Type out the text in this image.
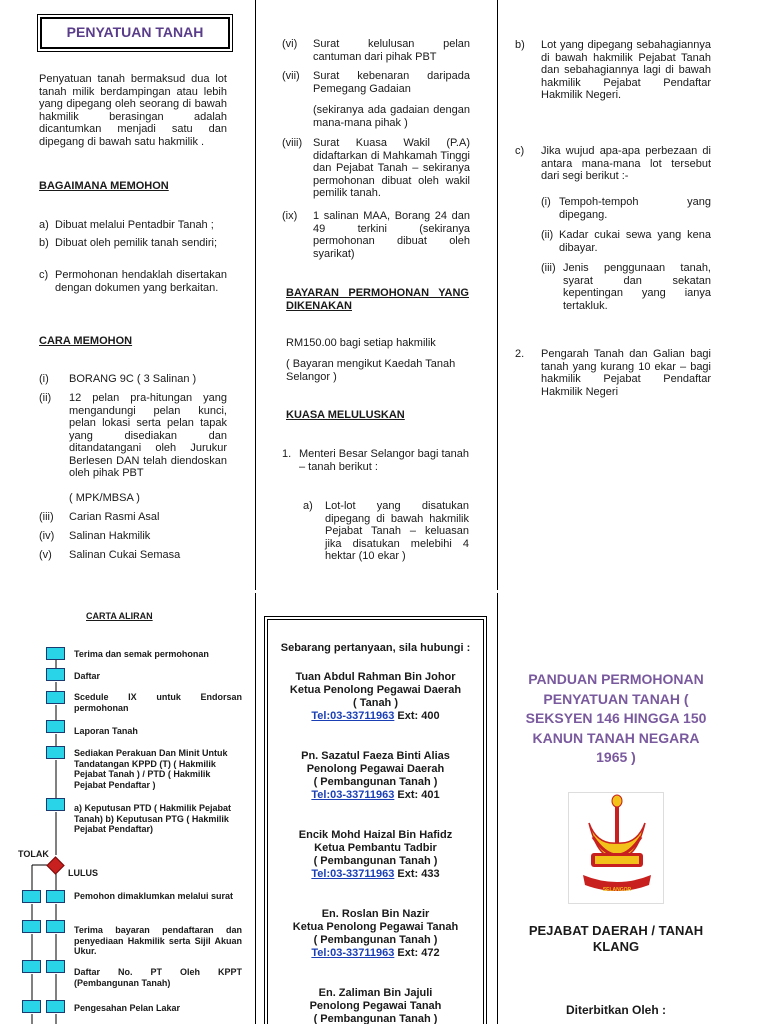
PENYATUAN TANAH
Penyatuan tanah bermaksud dua lot tanah milik berdampingan atau lebih yang dipegang oleh seorang di bawah hakmilik berasingan adalah dicantumkan menjadi satu dan dipegang di bawah satu hakmilik .
BAGAIMANA MEMOHON
a) Dibuat melalui Pentadbir Tanah ;
b) Dibuat oleh pemilik tanah sendiri;
c) Permohonan hendaklah disertakan dengan dokumen yang berkaitan.
CARA MEMOHON
(i)	BORANG 9C ( 3 Salinan )
(ii)	12 pelan pra-hitungan yang mengandungi pelan kunci, pelan lokasi serta pelan tapak yang disediakan dan ditandatangani oleh Jurukur Berlesen DAN telah diendoskan oleh pihak PBT
( MPK/MBSA )
(iii)	Carian Rasmi Asal
(iv)	Salinan Hakmilik
(v)	Salinan Cukai Semasa
(vi)	Surat kelulusan pelan cantuman dari pihak PBT
(vii)	Surat kebenaran daripada Pemegang Gadaian
(sekiranya ada gadaian dengan mana-mana pihak )
(viii) Surat Kuasa Wakil (P.A) didaftarkan di Mahkamah Tinggi dan Pejabat Tanah – sekiranya permohonan dibuat oleh wakil pemilik tanah.
(ix)	1 salinan MAA, Borang 24 dan 49 terkini (sekiranya permohonan dibuat oleh syarikat)
BAYARAN PERMOHONAN YANG DIKENAKAN
RM150.00 bagi setiap hakmilik
( Bayaran mengikut Kaedah Tanah Selangor )
KUASA MELULUSKAN
1. Menteri Besar Selangor bagi tanah – tanah berikut :
a)	Lot-lot yang disatukan dipegang di bawah hakmilik Pejabat Tanah – keluasan jika disatukan melebihi 4 hektar (10 ekar )
b)	Lot yang dipegang sebahagiannya di bawah hakmilik Pejabat Tanah dan sebahagiannya lagi di bawah hakmilik Pejabat Pendaftar Hakmilik Negeri.
c)	Jika wujud apa-apa perbezaan di antara mana-mana lot tersebut dari segi berikut :-
(i) Tempoh-tempoh yang dipegang.
(ii) Kadar cukai sewa yang kena dibayar.
(iii) Jenis penggunaan tanah, syarat dan sekatan kepentingan yang ianya tertakluk.
2.	Pengarah Tanah dan Galian bagi tanah yang kurang 10 ekar – bagi hakmilik Pejabat Pendaftar Hakmilik Negeri
CARTA ALIRAN
TOLAK
LULUS
Terima dan semak permohonan
Daftar
Scedule IX untuk Endorsan permohonan
Laporan Tanah
Sediakan Perakuan Dan Minit Untuk Tandatangan KPPD (T) ( Hakmilik Pejabat Tanah ) / PTD ( Hakmilik Pejabat Pendaftar )
a) Keputusan PTD ( Hakmilik Pejabat Tanah) b) Keputusan PTG ( Hakmilik Pejabat Pendaftar)
Pemohon dimaklumkan melalui surat
Terima bayaran pendaftaran dan penyediaan Hakmilik serta Sijil Akuan Ukur.
Daftar No. PT Oleh KPPT (Pembangunan Tanah)
Pengesahan Pelan Lakar

Sebarang pertanyaan, sila hubungi :

Tuan Abdul Rahman Bin Johor

Ketua Penolong Pegawai Daerah

( Tanah )

Tel:03-33711963 Ext: 400

Pn. Sazatul Faeza Binti Alias

Penolong Pegawai Daerah

( Pembangunan Tanah )

Tel:03-33711963 Ext: 401

Encik Mohd Haizal Bin Hafidz

Ketua Pembantu Tadbir

( Pembangunan Tanah )

Tel:03-33711963 Ext: 433

En. Roslan Bin Nazir

Ketua Penolong Pegawai Tanah

( Pembangunan Tanah )

Tel:03-33711963 Ext: 472

En. Zaliman Bin Jajuli

Penolong Pegawai Tanah

( Pembangunan Tanah )

PANDUAN PERMOHONAN PENYATUAN TANAH ( SEKSYEN 146 HINGGA 150 KANUN TANAH NEGARA 1965 )
SELANGOR
PEJABAT DAERAH / TANAH KLANG
Diterbitkan Oleh :
